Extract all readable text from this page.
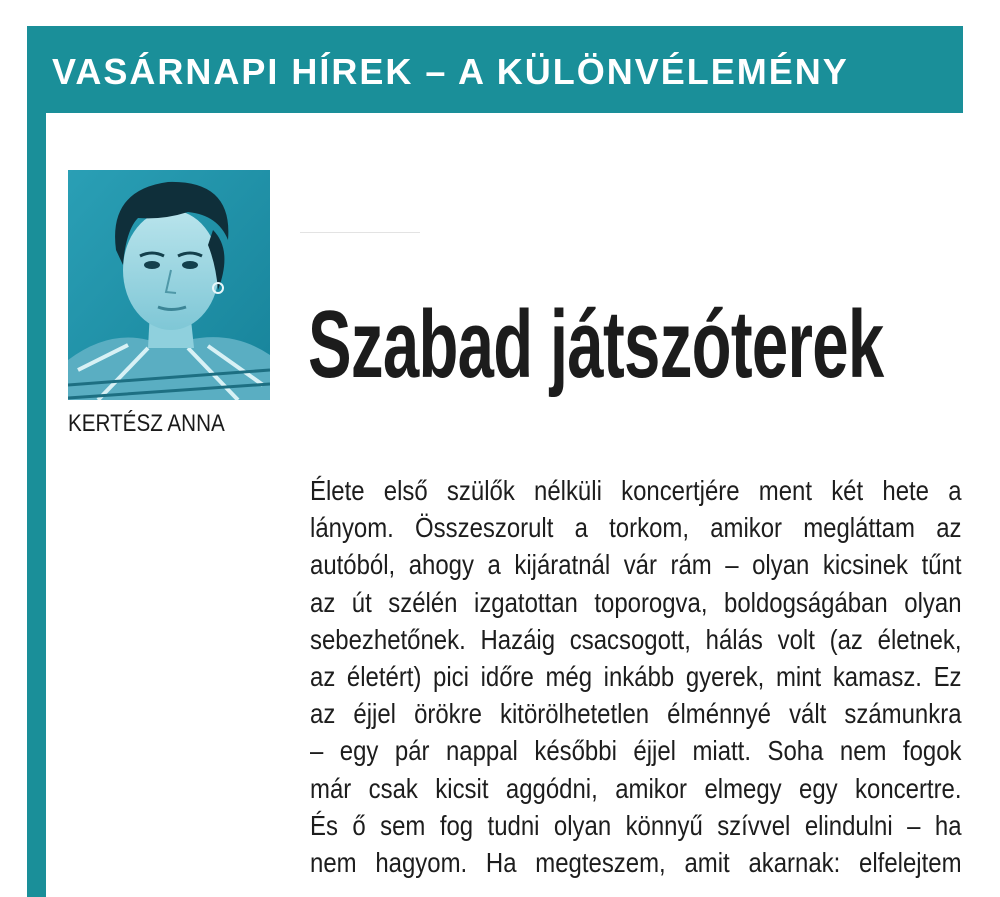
VASÁRNAPI HÍREK – A KÜLÖNVÉLEMÉNY

KERTÉSZ ANNA

Szabad játszóterek
Élete első szülők nélküli koncertjére ment két hete a
lányom. Összeszorult a torkom, amikor megláttam az
autóból, ahogy a kijáratnál vár rám – olyan kicsinek tűnt
az út szélén izgatottan toporogva, boldogságában olyan
sebezhetőnek. Hazáig csacsogott, hálás volt (az életnek,
az életért) pici időre még inkább gyerek, mint kamasz. Ez
az éjjel örökre kitörölhetetlen élménnyé vált számunkra
– egy pár nappal későbbi éjjel miatt. Soha nem fogok
már csak kicsit aggódni, amikor elmegy egy koncertre.
És ő sem fog tudni olyan könnyű szívvel elindulni – ha
nem hagyom. Ha megteszem, amit akarnak: elfelejtem
